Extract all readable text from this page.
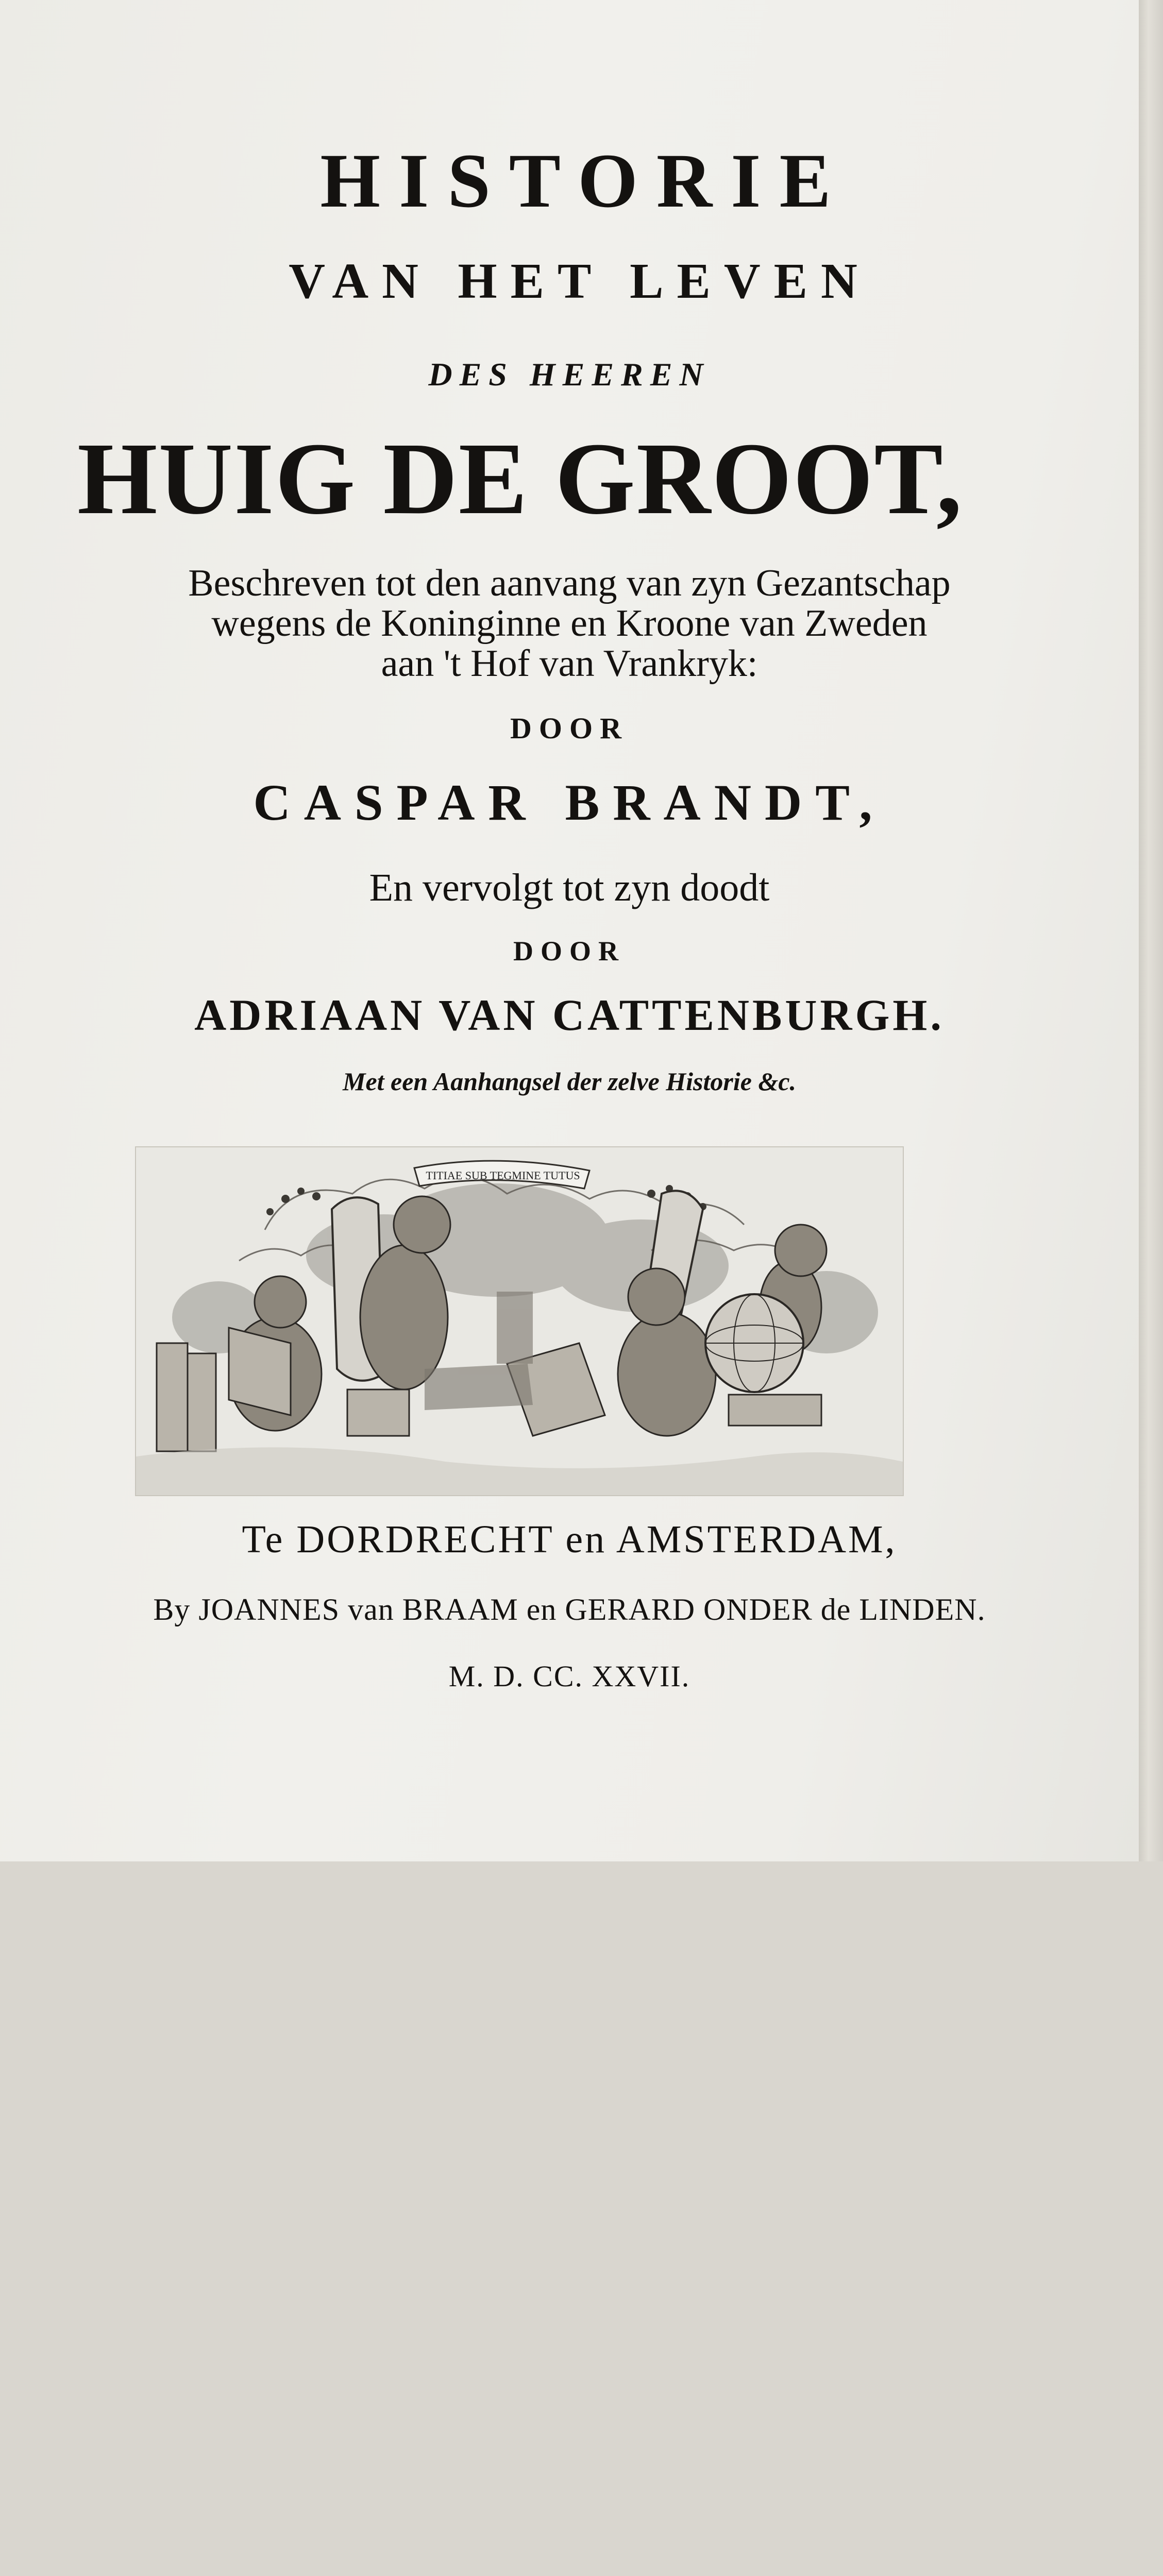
HISTORIE
VAN HET LEVEN
DES HEEREN
HUIG DE GROOT,
Beschreven tot den aanvang van zyn Gezantschap
wegens de Koninginne en Kroone van Zweden
aan 't Hof van Vrankryk:
DOOR
CASPAR BRANDT,
En vervolgt tot zyn doodt
DOOR
ADRIAAN VAN CATTENBURGH.
Met een Aanhangsel der zelve Historie &c.
TITIAE SUB TEGMINE TUTUS
Te DORDRECHT en AMSTERDAM,
By JOANNES van BRAAM en GERARD ONDER de LINDEN.
M. D. CC. XXVII.
